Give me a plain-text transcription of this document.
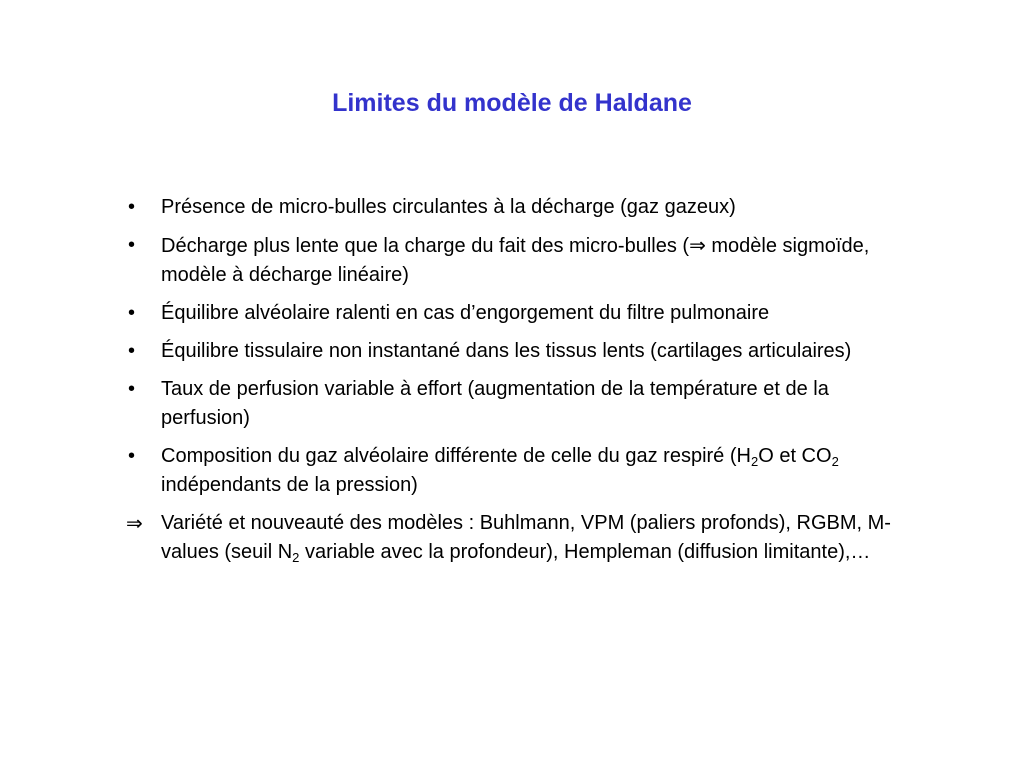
Limites du modèle de Haldane
•	Présence de micro-bulles circulantes à la décharge (gaz gazeux)
•	Décharge plus lente que la charge du fait des micro-bulles (⇒ modèle sigmoïde, modèle à décharge linéaire)
•	Équilibre alvéolaire ralenti en cas d’engorgement du filtre pulmonaire
•	Équilibre tissulaire non instantané dans les tissus lents (cartilages articulaires)
•	Taux de perfusion variable à effort (augmentation de la température et de la perfusion)
•	Composition du gaz alvéolaire différente de celle du gaz respiré ($H_2O$ et $CO_2$ indépendants de la pression)
⇒ Variété et nouveauté des modèles : Buhlmann, VPM (paliers profonds), RGBM, M-values (seuil $N_2$ variable avec la profondeur), Hempleman (diffusion limitante),…
